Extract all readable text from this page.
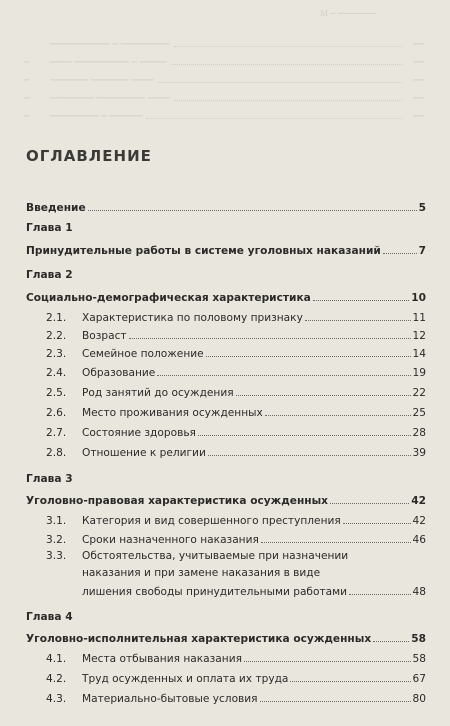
Ｍ ─ ────────
─────────── ─ ─────────	──
─	──── ────────── ─ ─────	──
─	─────── ─────── ────	──
─	──────── ───────── ────	──
─	───────── ─ ──────	──
ОГЛАВЛЕНИЕ
Введение	5
Глава 1
Принудительные работы в системе уголовных наказаний	7
Глава 2
Социально-демографическая характеристика	10
2.1.	Характеристика по половому признаку	11
2.2.	Возраст	12
2.3.	Семейное положение	14
2.4.	Образование	19
2.5.	Род занятий до осуждения	22
2.6.	Место проживания осужденных	25
2.7.	Состояние здоровья	28
2.8.	Отношение к религии	39
Глава 3
Уголовно-правовая характеристика осужденных	42
3.1.	Категория и вид совершенного преступления	42
3.2.	Сроки назначенного наказания	46
3.3. Обстоятельства, учитываемые при назначении
наказания и при замене наказания в виде
лишения свободы принудительными работами	48
Глава 4
Уголовно-исполнительная характеристика осужденных	58
4.1.	Места отбывания наказания	58
4.2.	Труд осужденных и оплата их труда	67
4.3.	Материально-бытовые условия	80
